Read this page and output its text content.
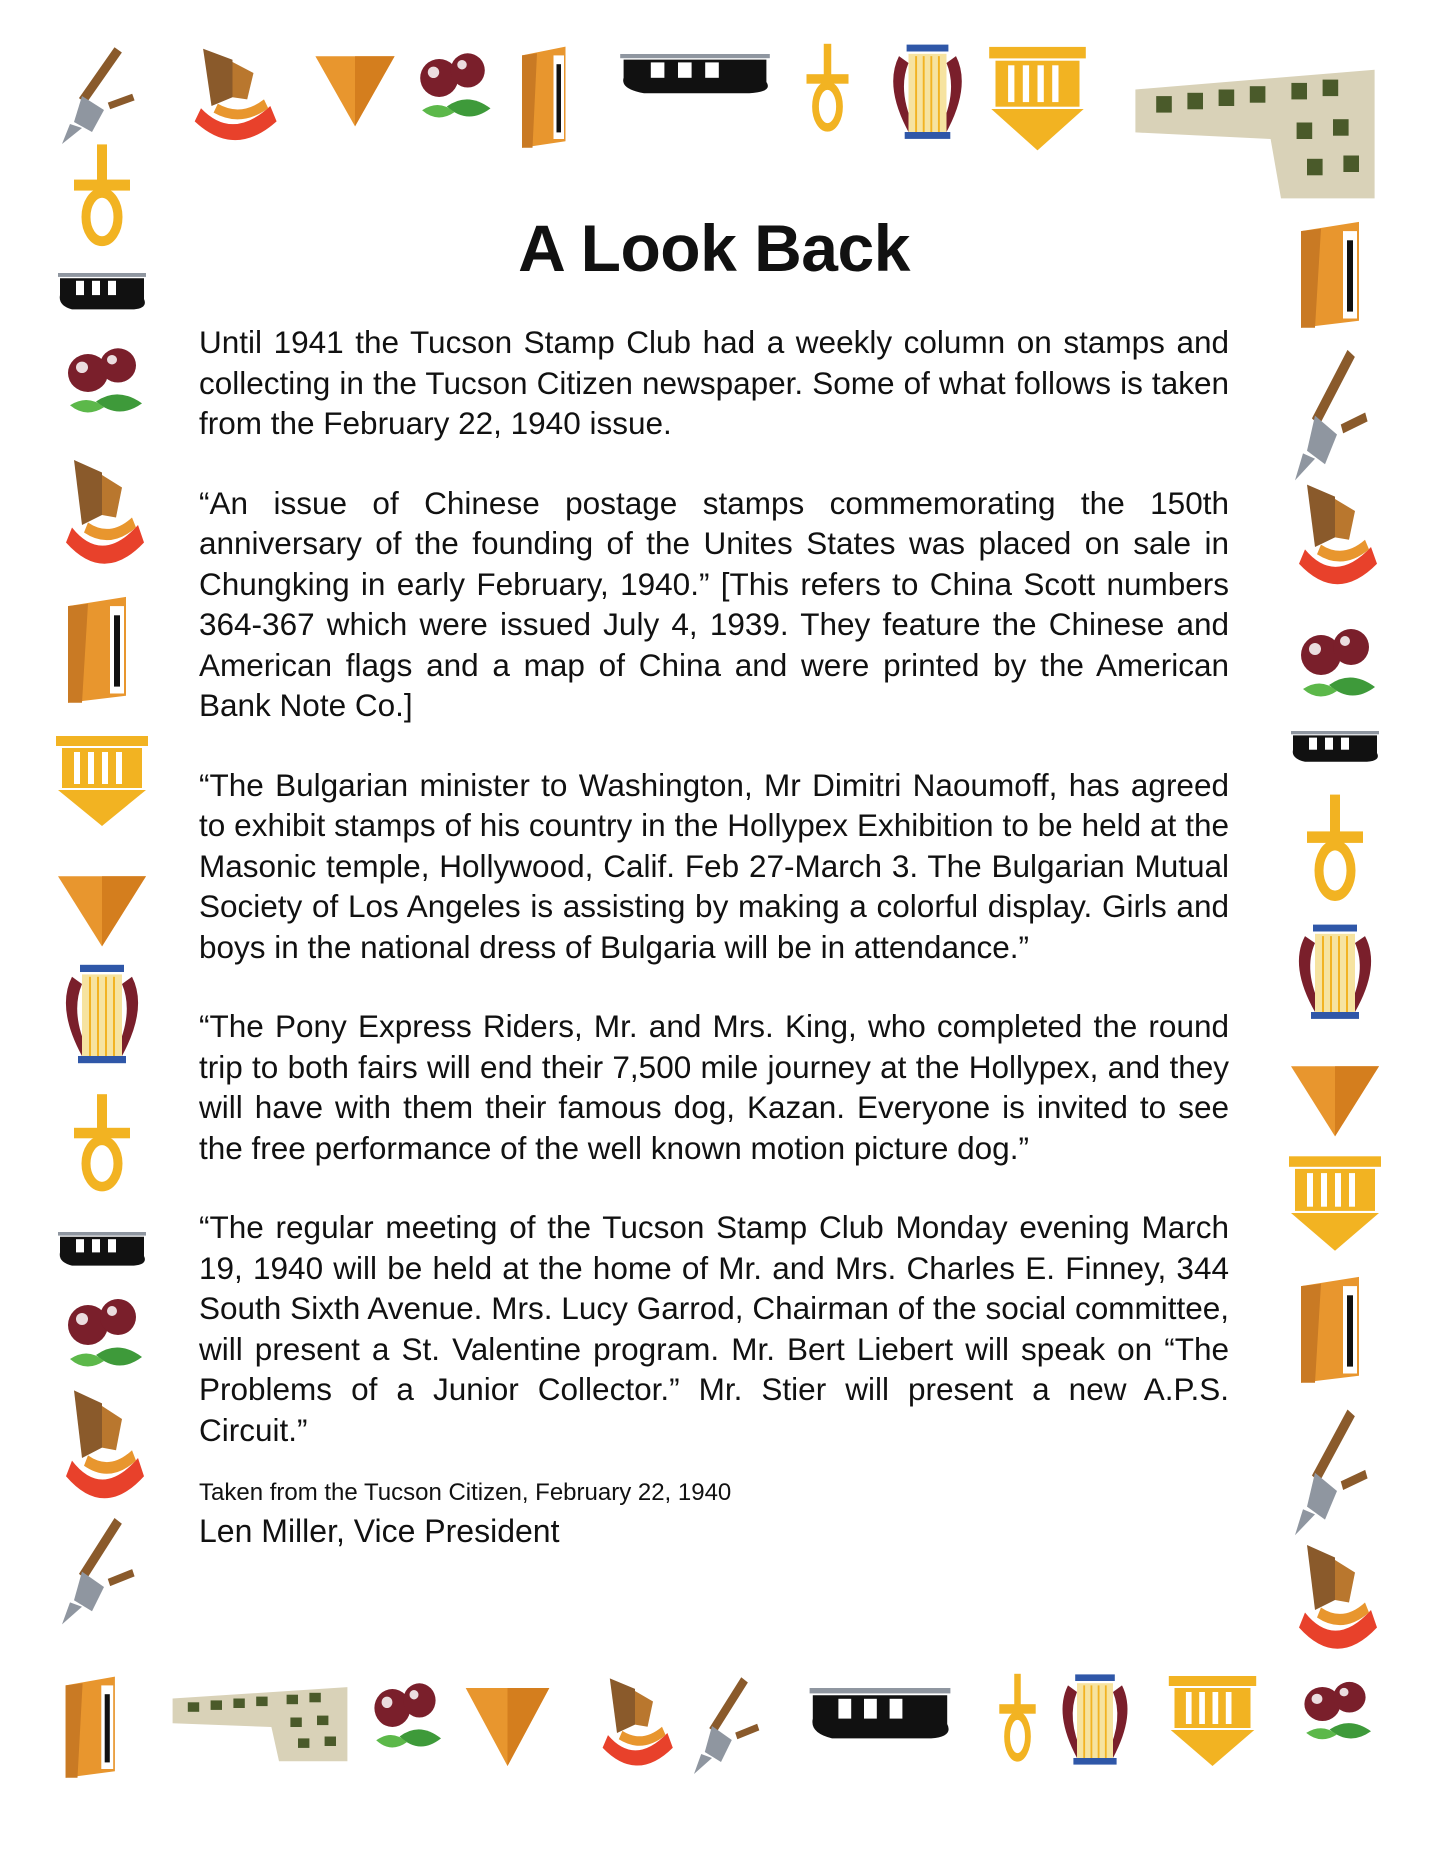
A Look Back

Until 1941 the Tucson Stamp Club had a weekly column on stamps and collecting in the Tucson Citizen newspaper. Some of what follows is taken from the February 22, 1940 issue.

“An issue of Chinese postage stamps commemorating the 150th anniversary of the founding of the Unites States was placed on sale in Chungking in early February, 1940.” [This refers to China Scott numbers 364-367 which were issued July 4, 1939. They feature the Chinese and American flags and a map of China and were printed by the American Bank Note Co.]

“The Bulgarian minister to Washington, Mr Dimitri Naoumoff, has agreed to exhibit stamps of his country in the Hollypex Exhibition to be held at the Masonic temple, Hollywood, Calif. Feb 27-March 3. The Bulgarian Mutual Society of Los Angeles is assisting by making a colorful display. Girls and boys in the national dress of Bulgaria will be in attendance.”

“The Pony Express Riders, Mr. and Mrs. King, who completed the round trip to both fairs will end their 7,500 mile journey at the Hollypex, and they will have with them their famous dog, Kazan. Everyone is invited to see the free performance of the well known motion picture dog.”

“The regular meeting of the Tucson Stamp Club Monday evening March 19, 1940 will be held at the home of Mr. and Mrs. Charles E. Finney, 344 South Sixth Avenue. Mrs. Lucy Garrod, Chairman of the social committee, will present a St. Valentine program. Mr. Bert Liebert will speak on “The Problems of a Junior Collector.” Mr. Stier will present a new A.P.S. Circuit.”

Taken from the Tucson Citizen, February 22, 1940

Len Miller, Vice President
